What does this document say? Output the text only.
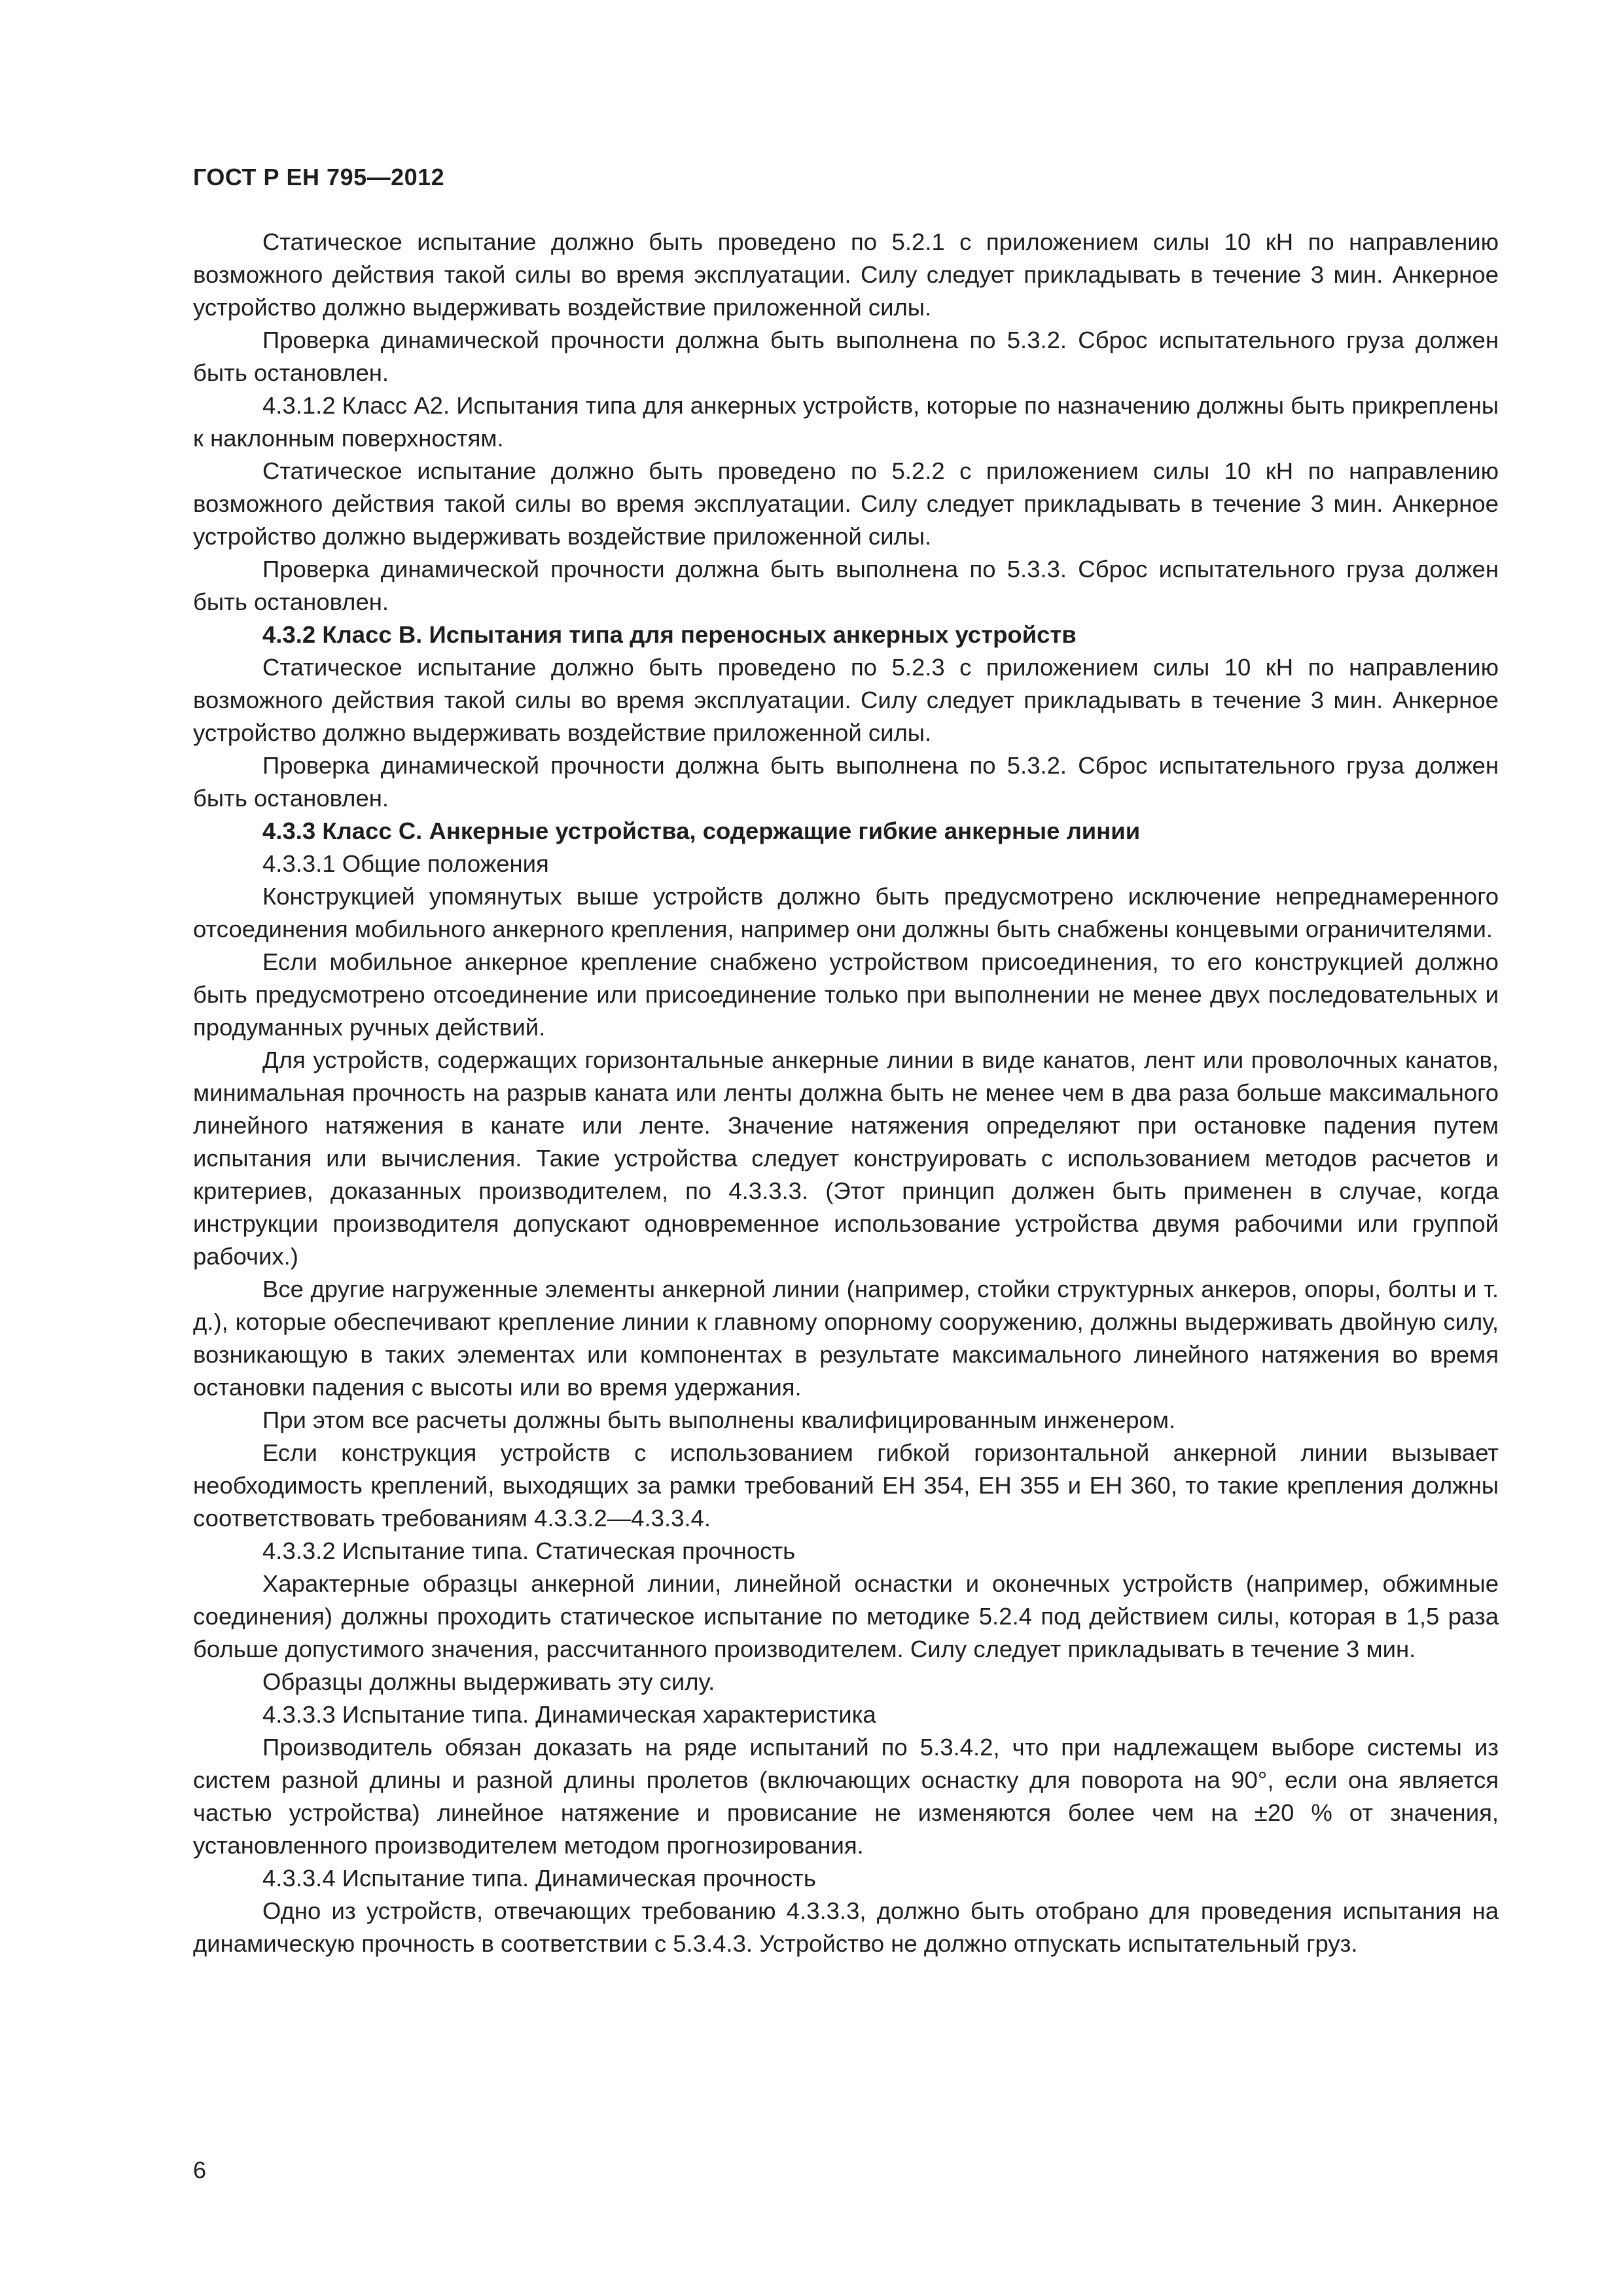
ГОСТ Р ЕН 795—2012

Статическое испытание должно быть проведено по 5.2.1 с приложением силы 10 кН по направлению возможного действия такой силы во время эксплуатации. Силу следует прикладывать в течение 3 мин. Анкерное устройство должно выдерживать воздействие приложенной силы.

Проверка динамической прочности должна быть выполнена по 5.3.2. Сброс испытательного груза должен быть остановлен.

4.3.1.2 Класс А2. Испытания типа для анкерных устройств, которые по назначению должны быть прикреплены к наклонным поверхностям.

Статическое испытание должно быть проведено по 5.2.2 с приложением силы 10 кН по направлению возможного действия такой силы во время эксплуатации. Силу следует прикладывать в течение 3 мин. Анкерное устройство должно выдерживать воздействие приложенной силы.

Проверка динамической прочности должна быть выполнена по 5.3.3. Сброс испытательного груза должен быть остановлен.

4.3.2 Класс В. Испытания типа для переносных анкерных устройств

Статическое испытание должно быть проведено по 5.2.3 с приложением силы 10 кН по направлению возможного действия такой силы во время эксплуатации. Силу следует прикладывать в течение 3 мин. Анкерное устройство должно выдерживать воздействие приложенной силы.

Проверка динамической прочности должна быть выполнена по 5.3.2. Сброс испытательного груза должен быть остановлен.

4.3.3 Класс С. Анкерные устройства, содержащие гибкие анкерные линии

4.3.3.1 Общие положения

Конструкцией упомянутых выше устройств должно быть предусмотрено исключение непреднамеренного отсоединения мобильного анкерного крепления, например они должны быть снабжены концевыми ограничителями.

Если мобильное анкерное крепление снабжено устройством присоединения, то его конструкцией должно быть предусмотрено отсоединение или присоединение только при выполнении не менее двух последовательных и продуманных ручных действий.

Для устройств, содержащих горизонтальные анкерные линии в виде канатов, лент или проволочных канатов, минимальная прочность на разрыв каната или ленты должна быть не менее чем в два раза больше максимального линейного натяжения в канате или ленте. Значение натяжения определяют при остановке падения путем испытания или вычисления. Такие устройства следует конструировать с использованием методов расчетов и критериев, доказанных производителем, по 4.3.3.3. (Этот принцип должен быть применен в случае, когда инструкции производителя допускают одновременное использование устройства двумя рабочими или группой рабочих.)

Все другие нагруженные элементы анкерной линии (например, стойки структурных анкеров, опоры, болты и т. д.), которые обеспечивают крепление линии к главному опорному сооружению, должны выдерживать двойную силу, возникающую в таких элементах или компонентах в результате максимального линейного натяжения во время остановки падения с высоты или во время удержания.

При этом все расчеты должны быть выполнены квалифицированным инженером.

Если конструкция устройств с использованием гибкой горизонтальной анкерной линии вызывает необходимость креплений, выходящих за рамки требований ЕН 354, ЕН 355 и ЕН 360, то такие крепления должны соответствовать требованиям 4.3.3.2—4.3.3.4.

4.3.3.2 Испытание типа. Статическая прочность

Характерные образцы анкерной линии, линейной оснастки и оконечных устройств (например, обжимные соединения) должны проходить статическое испытание по методике 5.2.4 под действием силы, которая в 1,5 раза больше допустимого значения, рассчитанного производителем. Силу следует прикладывать в течение 3 мин.

Образцы должны выдерживать эту силу.

4.3.3.3 Испытание типа. Динамическая характеристика

Производитель обязан доказать на ряде испытаний по 5.3.4.2, что при надлежащем выборе системы из систем разной длины и разной длины пролетов (включающих оснастку для поворота на 90°, если она является частью устройства) линейное натяжение и провисание не изменяются более чем на ±20 % от значения, установленного производителем методом прогнозирования.

4.3.3.4 Испытание типа. Динамическая прочность

Одно из устройств, отвечающих требованию 4.3.3.3, должно быть отобрано для проведения испытания на динамическую прочность в соответствии с 5.3.4.3. Устройство не должно отпускать испытательный груз.

6
